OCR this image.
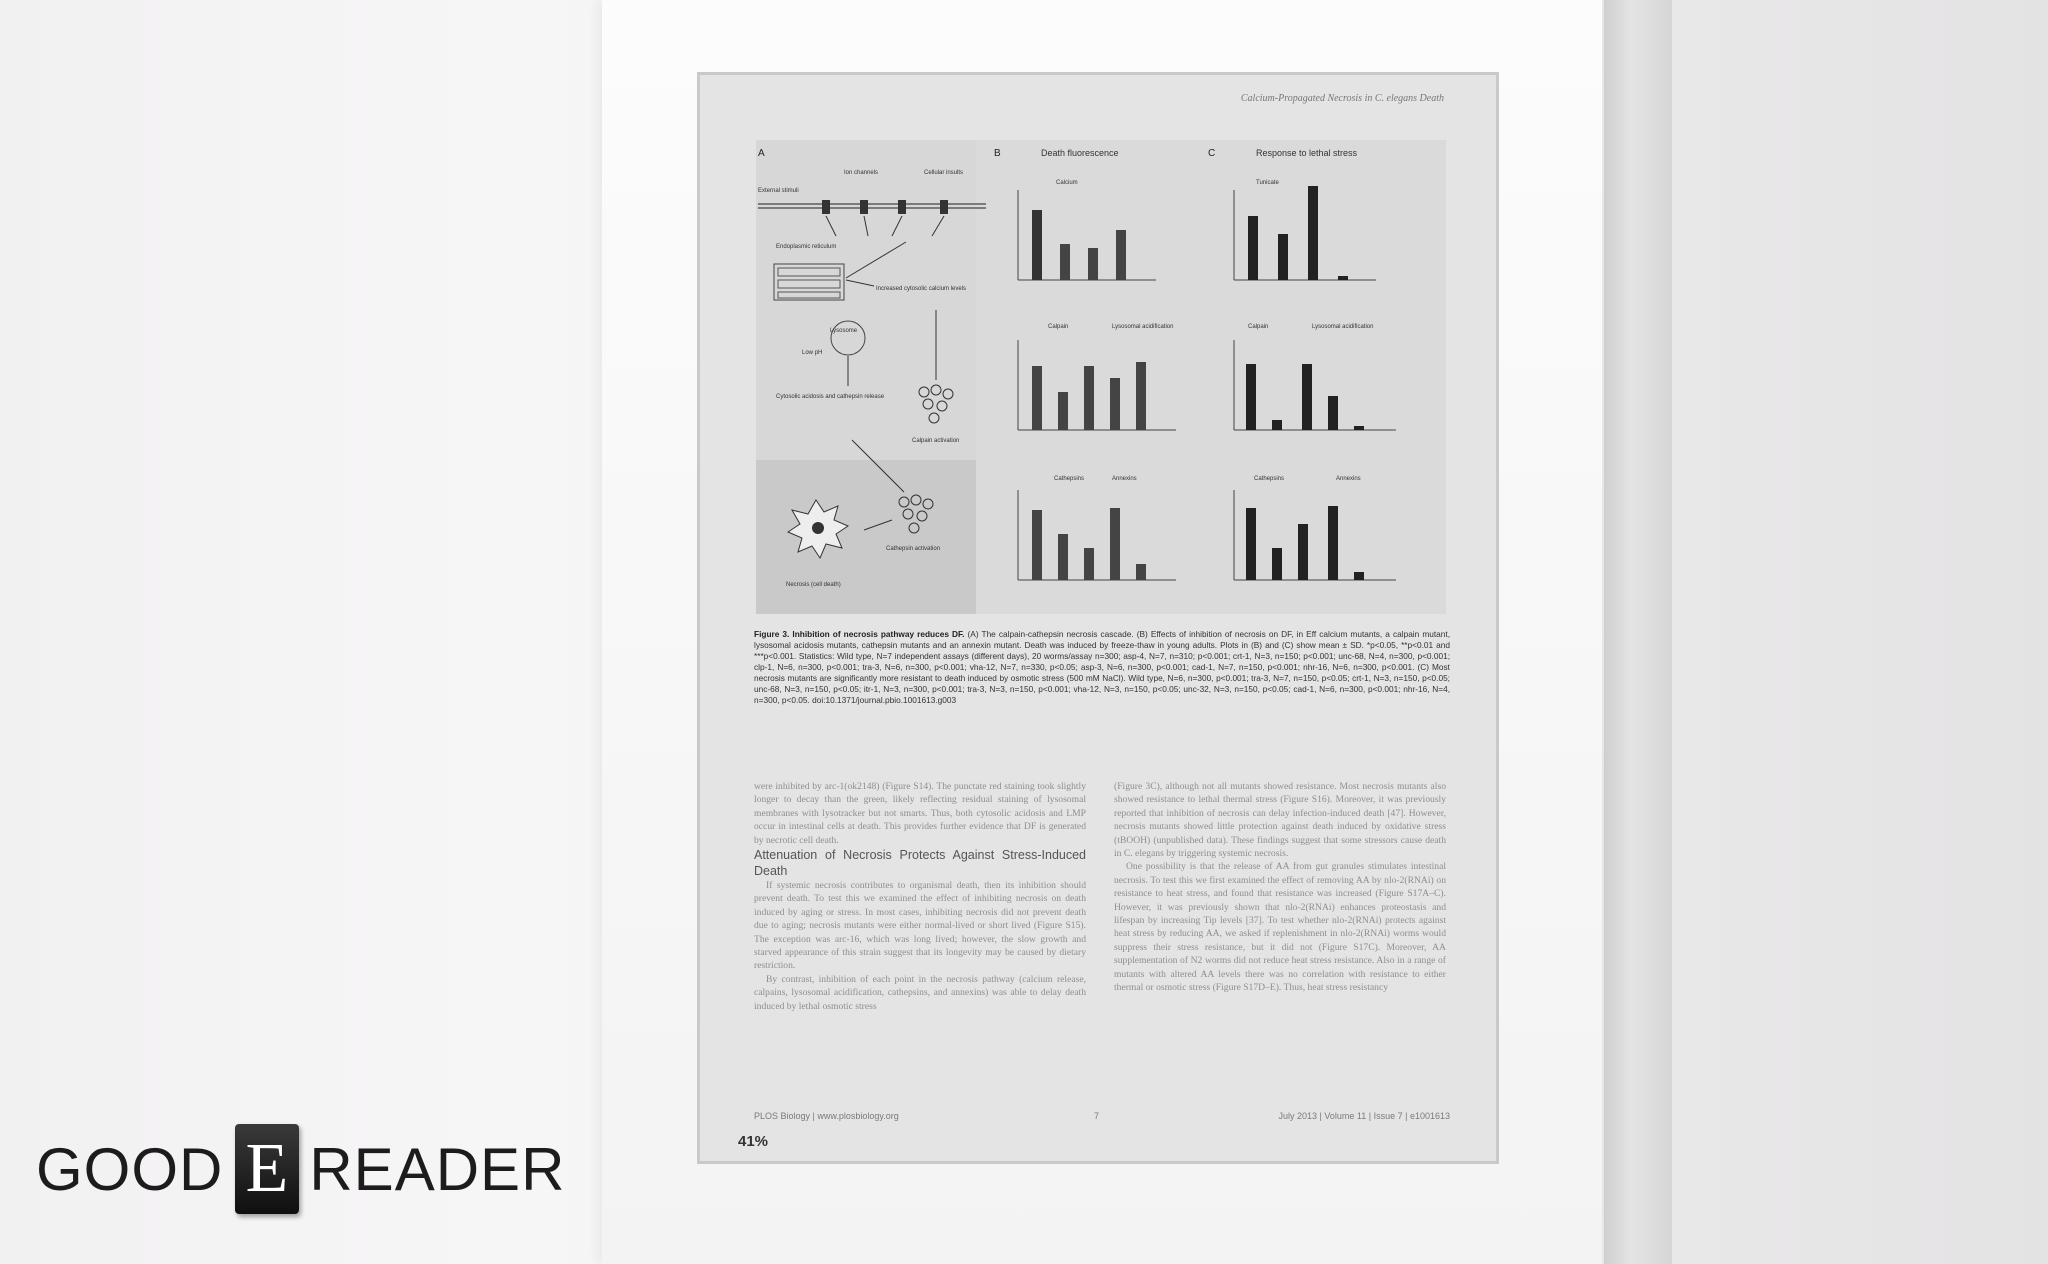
Calcium-Propagated Necrosis in C. elegans Death
A	B	C
Death fluorescence	Response to lethal stress
Ion channels	Cellular insults
External stimuli
Endoplasmic reticulum
Increased cytosolic calcium levels
Lysosome
Low pH
Cytosolic acidosis and cathepsin release
Calpain activation
Cathepsin activation
Necrosis (cell death)
Calcium	Tunicate
Calpain	Lysosomal acidification	Calpain	Lysosomal acidification
Cathepsins	Annexins	Cathepsins	Annexins
Figure 3. Inhibition of necrosis pathway reduces DF. (A) The calpain-cathepsin necrosis cascade. (B) Effects of inhibition of necrosis on DF, in Eff calcium mutants, a calpain mutant, lysosomal acidosis mutants, cathepsin mutants and an annexin mutant. Death was induced by freeze-thaw in young adults. Plots in (B) and (C) show mean ± SD. *p<0.05, **p<0.01 and ***p<0.001. Statistics: Wild type, N=7 independent assays (different days), 20 worms/assay n=300; asp-4, N=7, n=310; p<0.001; crt-1, N=3, n=150; p<0.001; unc-68, N=4, n=300, p<0.001; clp-1, N=6, n=300, p<0.001; tra-3, N=6, n=300, p<0.001; vha-12, N=7, n=330, p<0.05; asp-3, N=6, n=300, p<0.001; cad-1, N=7, n=150, p<0.001; nhr-16, N=6, n=300, p<0.001. (C) Most necrosis mutants are significantly more resistant to death induced by osmotic stress (500 mM NaCl). Wild type, N=6, n=300, p<0.001; tra-3, N=7, n=150, p<0.05; crt-1, N=3, n=150, p<0.05; unc-68, N=3, n=150, p<0.05; itr-1, N=3, n=300, p<0.001; tra-3, N=3, n=150, p<0.001; vha-12, N=3, n=150, p<0.05; unc-32, N=3, n=150, p<0.05; cad-1, N=6, n=300, p<0.001; nhr-16, N=4, n=300, p<0.05. doi:10.1371/journal.pbio.1001613.g003

were inhibited by arc-1(ok2148) (Figure S14). The punctate red staining took slightly longer to decay than the green, likely reflecting residual staining of lysosomal membranes with lysotracker but not smarts. Thus, both cytosolic acidosis and LMP occur in intestinal cells at death. This provides further evidence that DF is generated by necrotic cell death.

Attenuation of Necrosis Protects Against Stress-Induced Death

If systemic necrosis contributes to organismal death, then its inhibition should prevent death. To test this we examined the effect of inhibiting necrosis on death induced by aging or stress. In most cases, inhibiting necrosis did not prevent death due to aging; necrosis mutants were either normal-lived or short lived (Figure S15). The exception was arc-16, which was long lived; however, the slow growth and starved appearance of this strain suggest that its longevity may be caused by dietary restriction.

By contrast, inhibition of each point in the necrosis pathway (calcium release, calpains, lysosomal acidification, cathepsins, and annexins) was able to delay death induced by lethal osmotic stress

(Figure 3C), although not all mutants showed resistance. Most necrosis mutants also showed resistance to lethal thermal stress (Figure S16). Moreover, it was previously reported that inhibition of necrosis can delay infection-induced death [47]. However, necrosis mutants showed little protection against death induced by oxidative stress (tBOOH) (unpublished data). These findings suggest that some stressors cause death in C. elegans by triggering systemic necrosis.

One possibility is that the release of AA from gut granules stimulates intestinal necrosis. To test this we first examined the effect of removing AA by nlo-2(RNAi) on resistance to heat stress, and found that resistance was increased (Figure S17A–C). However, it was previously shown that nlo-2(RNAi) enhances proteostasis and lifespan by increasing Tip levels [37]. To test whether nlo-2(RNAi) protects against heat stress by reducing AA, we asked if replenishment in nlo-2(RNAi) worms would suppress their stress resistance, but it did not (Figure S17C). Moreover, AA supplementation of N2 worms did not reduce heat stress resistance. Also in a range of mutants with altered AA levels there was no correlation with resistance to either thermal or osmotic stress (Figure S17D–E). Thus, heat stress resistancy

PLOS Biology | www.plosbiology.org	7	July 2013 | Volume 11 | Issue 7 | e1001613
41%
GOOD E READER
